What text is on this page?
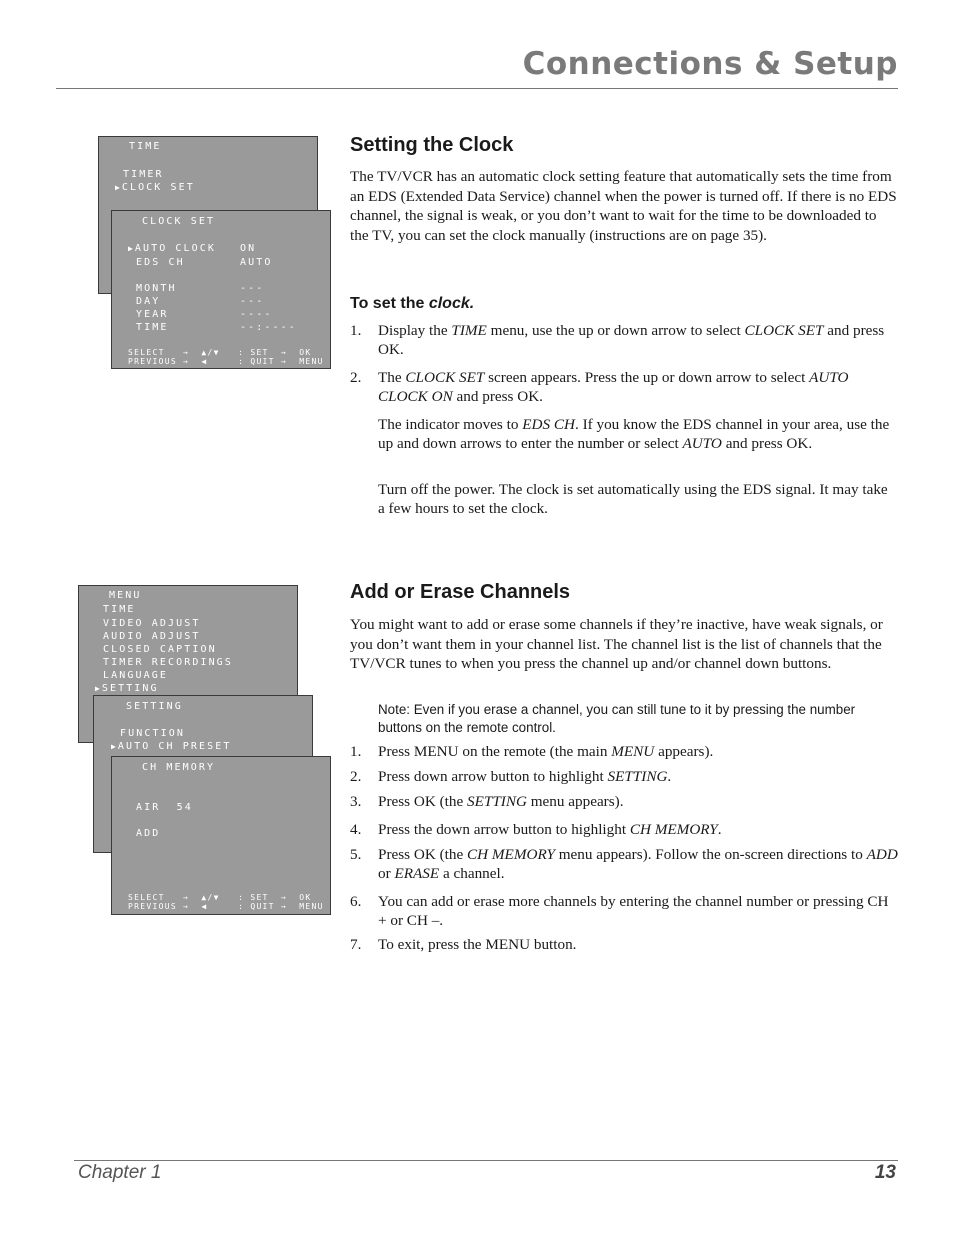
Connections & Setup
Chapter 1	13
TIME
TIMER
▶ CLOCK SET
CLOCK SET
▶ AUTO CLOCK ON
EDS CH	AUTO
MONTH	---
DAY	---
YEAR	----
TIME	--:----
SELECT   →  ▲/▼   : SET  →  OK
PREVIOUS →  ◀     : QUIT →  MENU
Setting the Clock

The TV/VCR has an automatic clock setting feature that automatically sets the time from an EDS (Extended Data Service) channel when the power is turned off. If there is no EDS channel, the signal is weak, or you don’t want to wait for the time to be downloaded to the TV, you can set the clock manually (instructions are on page 35).

To set the clock.
1. Display the TIME menu, use the up or down arrow to select CLOCK SET and press OK.
2. The CLOCK SET screen appears. Press the up or down arrow to select AUTO CLOCK ON and press OK.

The indicator moves to EDS CH. If you know the EDS channel in your area, use the up and down arrows to enter the number or select AUTO and press OK.

Turn off the power. The clock is set automatically using the EDS signal. It may take a few hours to set the clock.

MENU
TIME
VIDEO ADJUST
AUDIO ADJUST
CLOSED CAPTION
TIMER RECORDINGS
LANGUAGE
▶ SETTING
SETTING
FUNCTION
▶ AUTO CH PRESET
CH MEMORY
AIR  54
ADD
SELECT   →  ▲/▼   : SET  →  OK
PREVIOUS →  ◀     : QUIT →  MENU
Add or Erase Channels

You might want to add or erase some channels if they’re inactive, have weak signals, or you don’t want them in your channel list. The channel list is the list of channels that the TV/VCR tunes to when you press the channel up and/or channel down buttons.

Note: Even if you erase a channel, you can still tune to it by pressing the number buttons on the remote control.

1. Press MENU on the remote (the main MENU appears).
2. Press down arrow button to highlight SETTING.
3. Press OK (the SETTING menu appears).
4. Press the down arrow button to highlight CH MEMORY.
5. Press OK (the CH MEMORY menu appears). Follow the on-screen directions to ADD or ERASE a channel.
6. You can add or erase more channels by entering the channel number or pressing CH + or CH –.
7. To exit, press the MENU button.
